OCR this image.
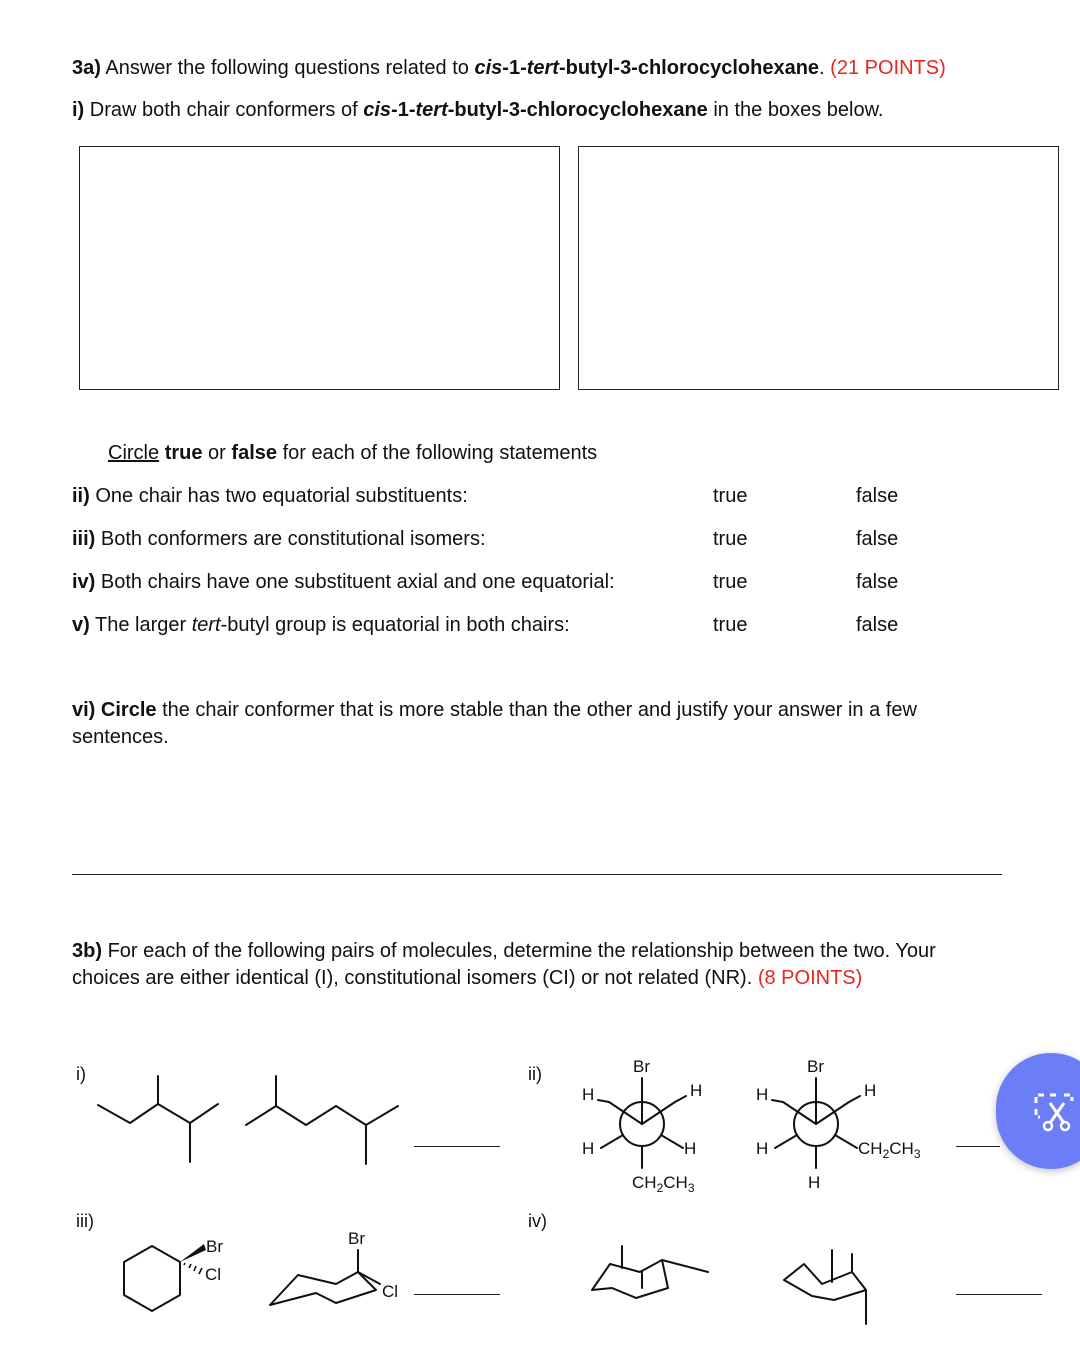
3a) Answer the following questions related to cis-1-tert-butyl-3-chlorocyclohexane. (21 POINTS)
i) Draw both chair conformers of cis-1-tert-butyl-3-chlorocyclohexane in the boxes below.
Circle true or false for each of the following statements
ii) One chair has two equatorial substituents:	true	false
iii) Both conformers are constitutional isomers:	true	false
iv) Both chairs have one substituent axial and one equatorial:	true	false
v) The larger tert-butyl group is equatorial in both chairs:	true	false
vi) Circle the chair conformer that is more stable than the other and justify your answer in a few
sentences.
3b) For each of the following pairs of molecules, determine the relationship between the two. Your
choices are either identical (I), constitutional isomers (CI) or not related (NR). (8 POINTS)
i)	ii)
iii)	iv)
Br
H	H
H	H
$CH_2CH_3$
Br
H	H
H	$CH_2CH_3$
H
Br
Cl
Br
Cl
